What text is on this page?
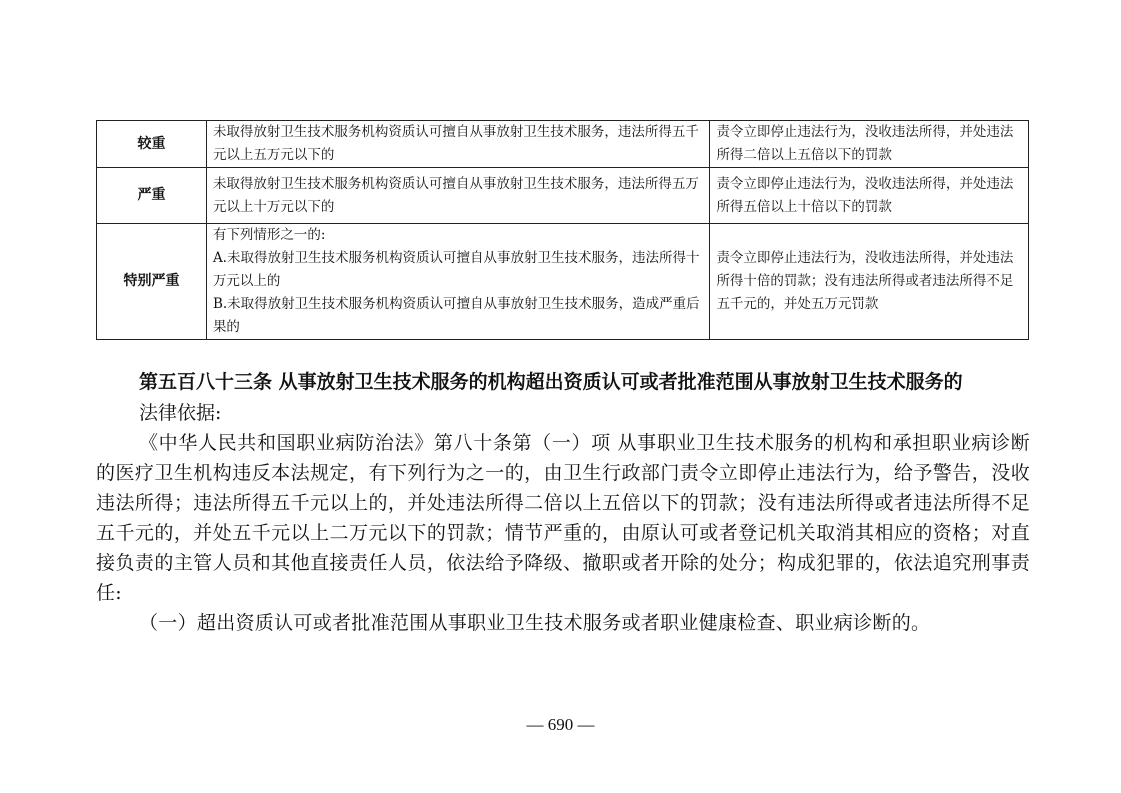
较重	未取得放射卫生技术服务机构资质认可擅自从事放射卫生技术服务，违法所得五千元以上五万元以下的	责令立即停止违法行为，没收违法所得，并处违法所得二倍以上五倍以下的罚款

严重	未取得放射卫生技术服务机构资质认可擅自从事放射卫生技术服务，违法所得五万元以上十万元以下的	责令立即停止违法行为，没收违法所得，并处违法所得五倍以上十倍以下的罚款

特别严重	有下列情形之一的:
A.未取得放射卫生技术服务机构资质认可擅自从事放射卫生技术服务，违法所得十万元以上的
B.未取得放射卫生技术服务机构资质认可擅自从事放射卫生技术服务，造成严重后果的	责令立即停止违法行为，没收违法所得，并处违法所得十倍的罚款；没有违法所得或者违法所得不足五千元的，并处五万元罚款

第五百八十三条 从事放射卫生技术服务的机构超出资质认可或者批准范围从事放射卫生技术服务的

法律依据:

《中华人民共和国职业病防治法》第八十条第（一）项 从事职业卫生技术服务的机构和承担职业病诊断的医疗卫生机构违反本法规定，有下列行为之一的，由卫生行政部门责令立即停止违法行为，给予警告，没收违法所得；违法所得五千元以上的，并处违法所得二倍以上五倍以下的罚款；没有违法所得或者违法所得不足五千元的，并处五千元以上二万元以下的罚款；情节严重的，由原认可或者登记机关取消其相应的资格；对直接负责的主管人员和其他直接责任人员，依法给予降级、撤职或者开除的处分；构成犯罪的，依法追究刑事责任:

（一）超出资质认可或者批准范围从事职业卫生技术服务或者职业健康检查、职业病诊断的。

— 690 —
